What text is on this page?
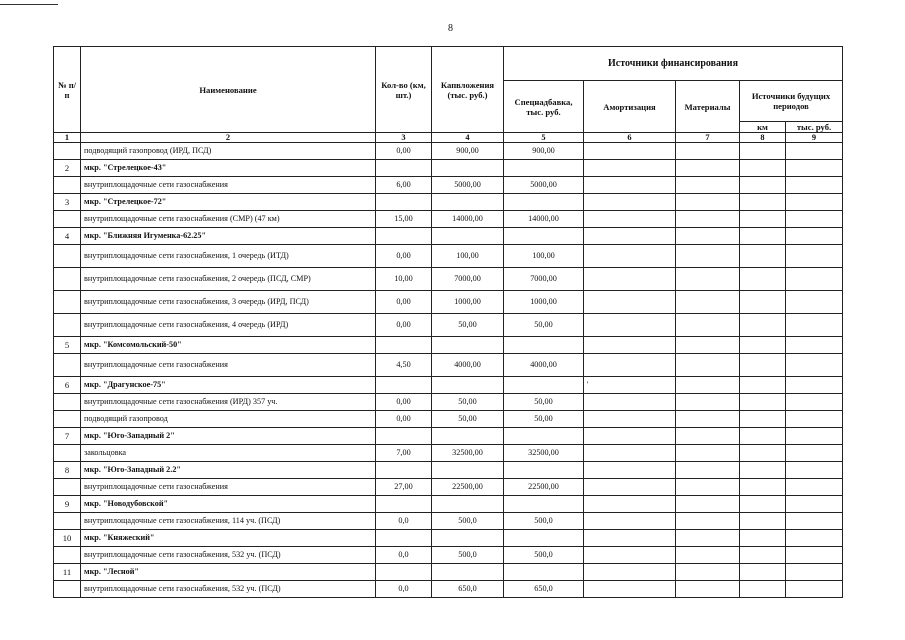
8
№ п/п	Наименование	Кол-во (км, шт.)	Капвложения (тыс. руб.)	Источники финансирования				
				Спецнадбавка, тыс. руб.	Амортизация	Материалы	Источники будущих периодов	
							км	тыс. руб.
1	2	3	4	5	6	7	8	9
	подводящий газопровод (ИРД, ПСД)	0,00	900,00	900,00				
2	мкр. "Стрелецкое-43"							
	внутриплощадочные сети газоснабжения	6,00	5000,00	5000,00				
3	мкр. "Стрелецкое-72"							
	внутриплощадочные сети газоснабжения (СМР) (47 км)	15,00	14000,00	14000,00				
4	мкр. "Ближняя Игуменка-62.25"							
	внутриплощадочные сети газоснабжения, 1 очередь (ИТД)	0,00	100,00	100,00				
	внутриплощадочные сети газоснабжения, 2 очередь (ПСД, СМР)	10,00	7000,00	7000,00				
	внутриплощадочные сети газоснабжения, 3 очередь (ИРД, ПСД)	0,00	1000,00	1000,00				
	внутриплощадочные сети газоснабжения, 4 очередь (ИРД)	0,00	50,00	50,00				
5	мкр. "Комсомольский-50"							
	внутриплощадочные сети газоснабжения	4,50	4000,00	4000,00				
6	мкр. "Драгунское-75"				'			
	внутриплощадочные сети газоснабжения (ИРД) 357 уч.	0,00	50,00	50,00				
	подводящий газопровод	0,00	50,00	50,00				
7	мкр. "Юго-Западный 2"							
	закольцовка	7,00	32500,00	32500,00				
8	мкр. "Юго-Западный 2.2"							
	внутриплощадочные сети газоснабжения	27,00	22500,00	22500,00				
9	мкр. "Новодубовской"							
	внутриплощадочные сети газоснабжения, 114 уч. (ПСД)	0,0	500,0	500,0				
10	мкр. "Княжеский"							
	внутриплощадочные сети газоснабжения, 532 уч. (ПСД)	0,0	500,0	500,0				
11	мкр. "Лесной"							
	внутриплощадочные сети газоснабжения, 532 уч. (ПСД)	0,0	650,0	650,0				
